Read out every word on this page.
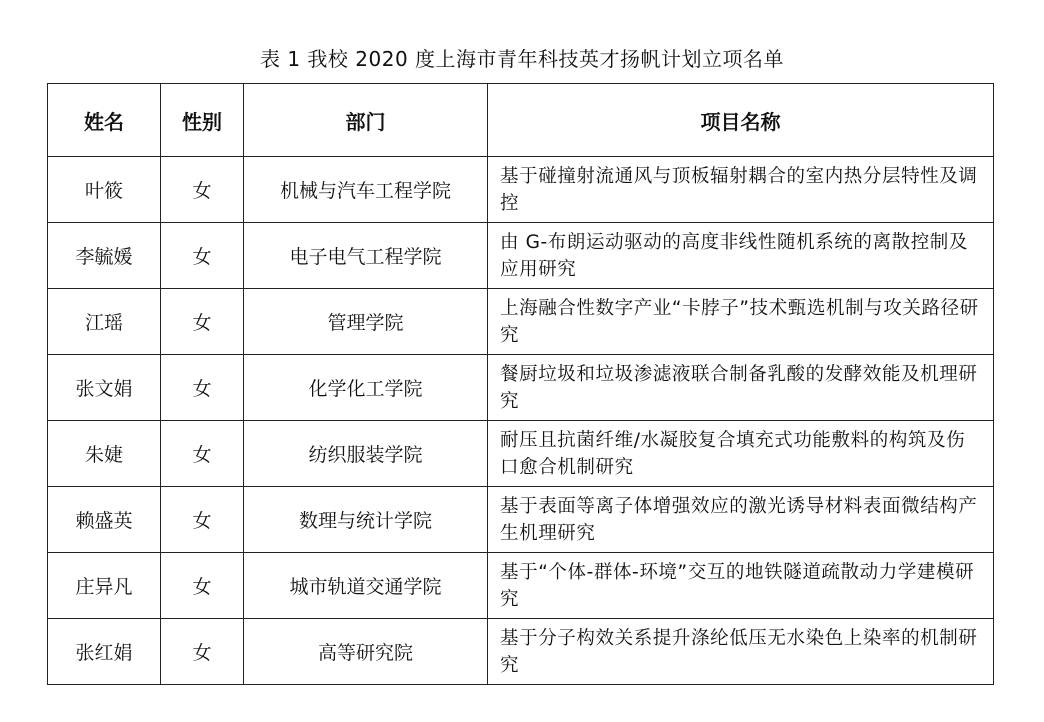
表 1 我校 2020 度上海市青年科技英才扬帆计划立项名单
姓名	性别	部门	项目名称
叶筱	女	机械与汽车工程学院	基于碰撞射流通风与顶板辐射耦合的室内热分层特性及调控
李毓媛	女	电子电气工程学院	由 G-布朗运动驱动的高度非线性随机系统的离散控制及应用研究
江瑶	女	管理学院	上海融合性数字产业“卡脖子”技术甄选机制与攻关路径研究
张文娟	女	化学化工学院	餐厨垃圾和垃圾渗滤液联合制备乳酸的发酵效能及机理研究
朱婕	女	纺织服装学院	耐压且抗菌纤维/水凝胶复合填充式功能敷料的构筑及伤口愈合机制研究
赖盛英	女	数理与统计学院	基于表面等离子体增强效应的激光诱导材料表面微结构产生机理研究
庄异凡	女	城市轨道交通学院	基于“个体-群体-环境”交互的地铁隧道疏散动力学建模研究
张红娟	女	高等研究院	基于分子构效关系提升涤纶低压无水染色上染率的机制研究
